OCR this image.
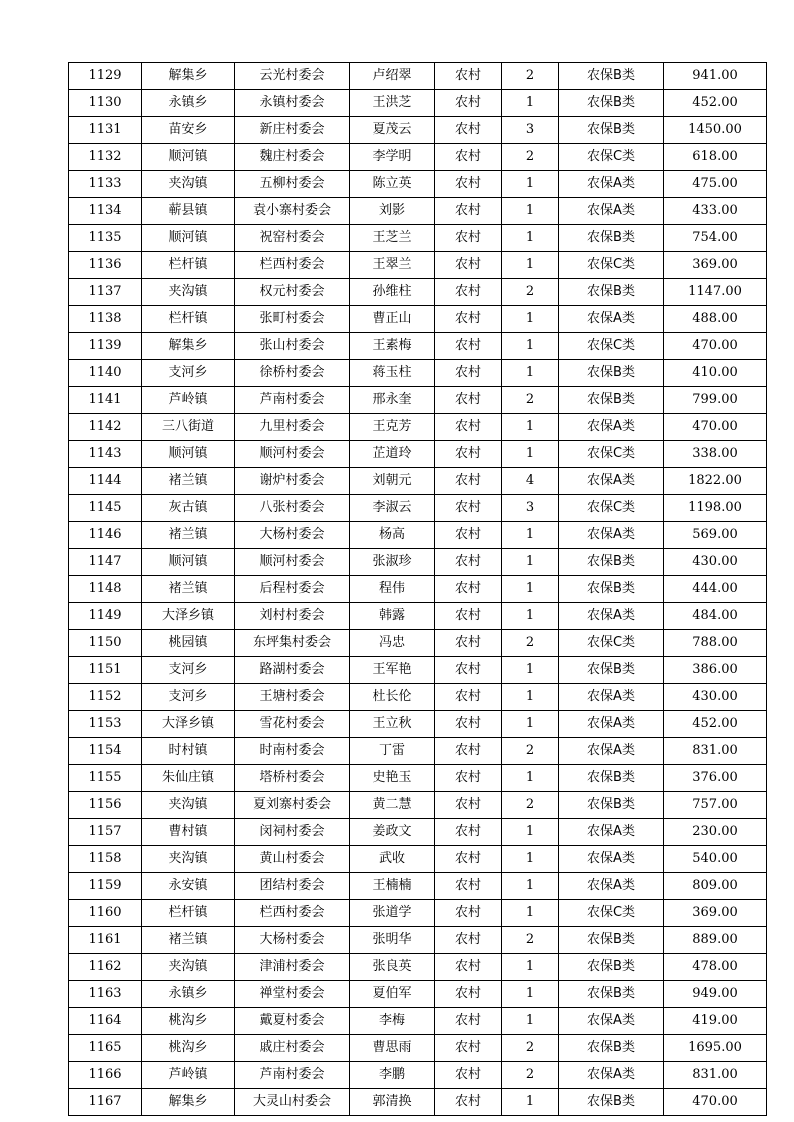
1129	解集乡	云光村委会	卢绍翠	农村	2	农保B类	941.00
1130	永镇乡	永镇村委会	王洪芝	农村	1	农保B类	452.00
1131	苗安乡	新庄村委会	夏茂云	农村	3	农保B类	1450.00
1132	顺河镇	魏庄村委会	李学明	农村	2	农保C类	618.00
1133	夹沟镇	五柳村委会	陈立英	农村	1	农保A类	475.00
1134	蕲县镇	袁小寨村委会	刘影	农村	1	农保A类	433.00
1135	顺河镇	祝窑村委会	王芝兰	农村	1	农保B类	754.00
1136	栏杆镇	栏西村委会	王翠兰	农村	1	农保C类	369.00
1137	夹沟镇	权元村委会	孙维柱	农村	2	农保B类	1147.00
1138	栏杆镇	张町村委会	曹正山	农村	1	农保A类	488.00
1139	解集乡	张山村委会	王素梅	农村	1	农保C类	470.00
1140	支河乡	徐桥村委会	蒋玉柱	农村	1	农保B类	410.00
1141	芦岭镇	芦南村委会	邢永奎	农村	2	农保B类	799.00
1142	三八街道	九里村委会	王克芳	农村	1	农保A类	470.00
1143	顺河镇	顺河村委会	芷道玲	农村	1	农保C类	338.00
1144	褚兰镇	谢炉村委会	刘朝元	农村	4	农保A类	1822.00
1145	灰古镇	八张村委会	李淑云	农村	3	农保C类	1198.00
1146	褚兰镇	大杨村委会	杨高	农村	1	农保A类	569.00
1147	顺河镇	顺河村委会	张淑珍	农村	1	农保B类	430.00
1148	褚兰镇	后程村委会	程伟	农村	1	农保B类	444.00
1149	大泽乡镇	刘村村委会	韩露	农村	1	农保A类	484.00
1150	桃园镇	东坪集村委会	冯忠	农村	2	农保C类	788.00
1151	支河乡	路湖村委会	王军艳	农村	1	农保B类	386.00
1152	支河乡	王塘村委会	杜长伦	农村	1	农保A类	430.00
1153	大泽乡镇	雪花村委会	王立秋	农村	1	农保A类	452.00
1154	时村镇	时南村委会	丁雷	农村	2	农保A类	831.00
1155	朱仙庄镇	塔桥村委会	史艳玉	农村	1	农保B类	376.00
1156	夹沟镇	夏刘寨村委会	黄二慧	农村	2	农保B类	757.00
1157	曹村镇	闵祠村委会	姜政文	农村	1	农保A类	230.00
1158	夹沟镇	黄山村委会	武收	农村	1	农保A类	540.00
1159	永安镇	团结村委会	王楠楠	农村	1	农保A类	809.00
1160	栏杆镇	栏西村委会	张道学	农村	1	农保C类	369.00
1161	褚兰镇	大杨村委会	张明华	农村	2	农保B类	889.00
1162	夹沟镇	津浦村委会	张良英	农村	1	农保B类	478.00
1163	永镇乡	禅堂村委会	夏伯军	农村	1	农保B类	949.00
1164	桃沟乡	戴夏村委会	李梅	农村	1	农保A类	419.00
1165	桃沟乡	戚庄村委会	曹思雨	农村	2	农保B类	1695.00
1166	芦岭镇	芦南村委会	李鹏	农村	2	农保A类	831.00
1167	解集乡	大灵山村委会	郭清换	农村	1	农保B类	470.00
